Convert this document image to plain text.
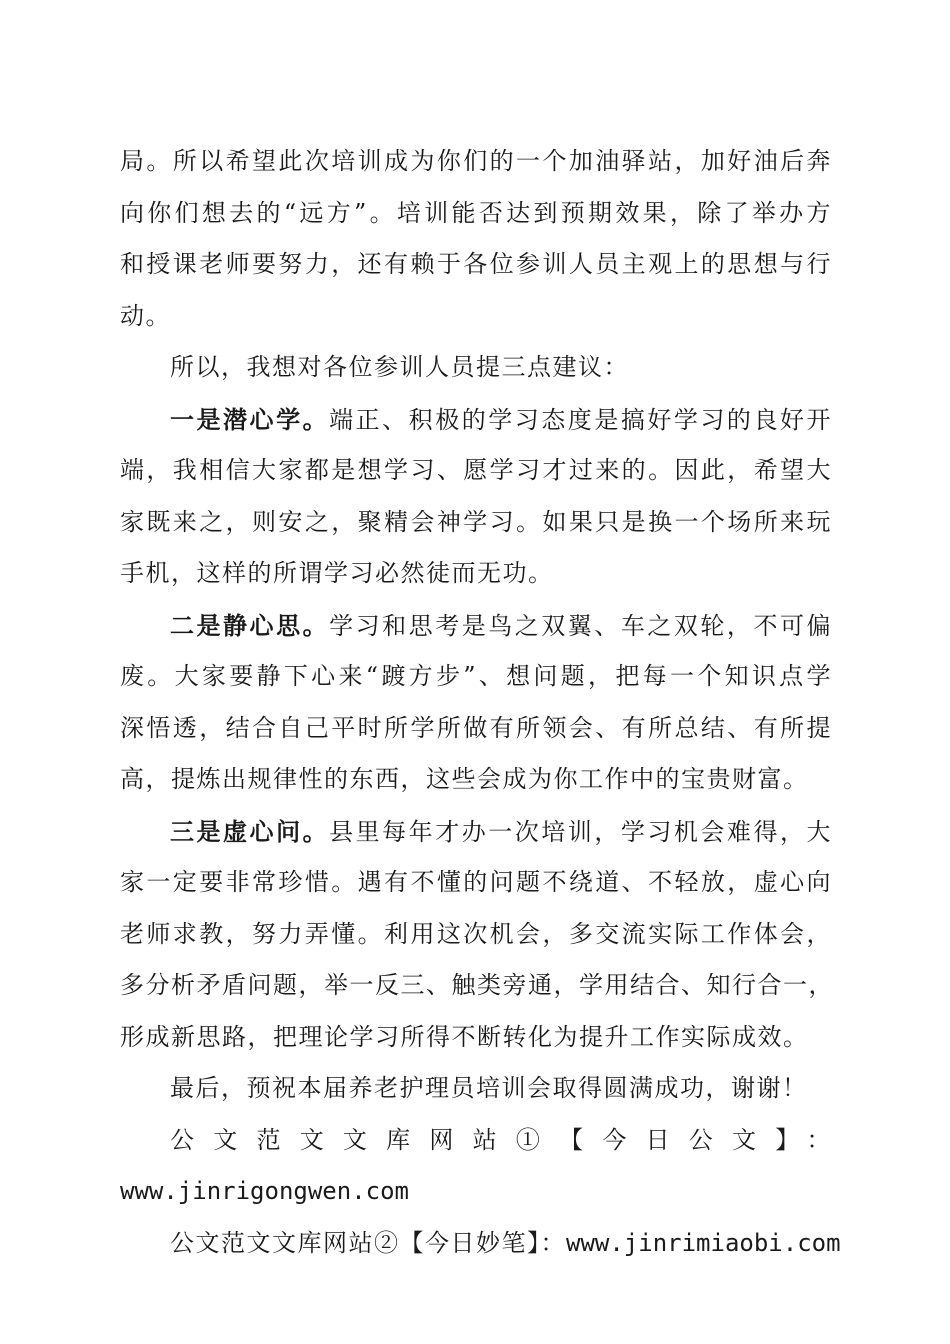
局。所以希望此次培训成为你们的一个加油驿站，加好油后奔
向你们想去的“远方”。培训能否达到预期效果，除了举办方
和授课老师要努力，还有赖于各位参训人员主观上的思想与行
动。
所以，我想对各位参训人员提三点建议：
一是潜心学。端正、积极的学习态度是搞好学习的良好开
端，我相信大家都是想学习、愿学习才过来的。因此，希望大
家既来之，则安之，聚精会神学习。如果只是换一个场所来玩
手机，这样的所谓学习必然徒而无功。
二是静心思。学习和思考是鸟之双翼、车之双轮，不可偏
废。大家要静下心来“踱方步”、想问题，把每一个知识点学
深悟透，结合自己平时所学所做有所领会、有所总结、有所提
高，提炼出规律性的东西，这些会成为你工作中的宝贵财富。
三是虚心问。县里每年才办一次培训，学习机会难得，大
家一定要非常珍惜。遇有不懂的问题不绕道、不轻放，虚心向
老师求教，努力弄懂。利用这次机会，多交流实际工作体会，
多分析矛盾问题，举一反三、触类旁通，学用结合、知行合一，
形成新思路，把理论学习所得不断转化为提升工作实际成效。
最后，预祝本届养老护理员培训会取得圆满成功，谢谢！
公文范文文库网站①【今日公文】：
www.jinrigongwen.com
公文范文文库网站②【今日妙笔】：www.jinrimiaobi.com
